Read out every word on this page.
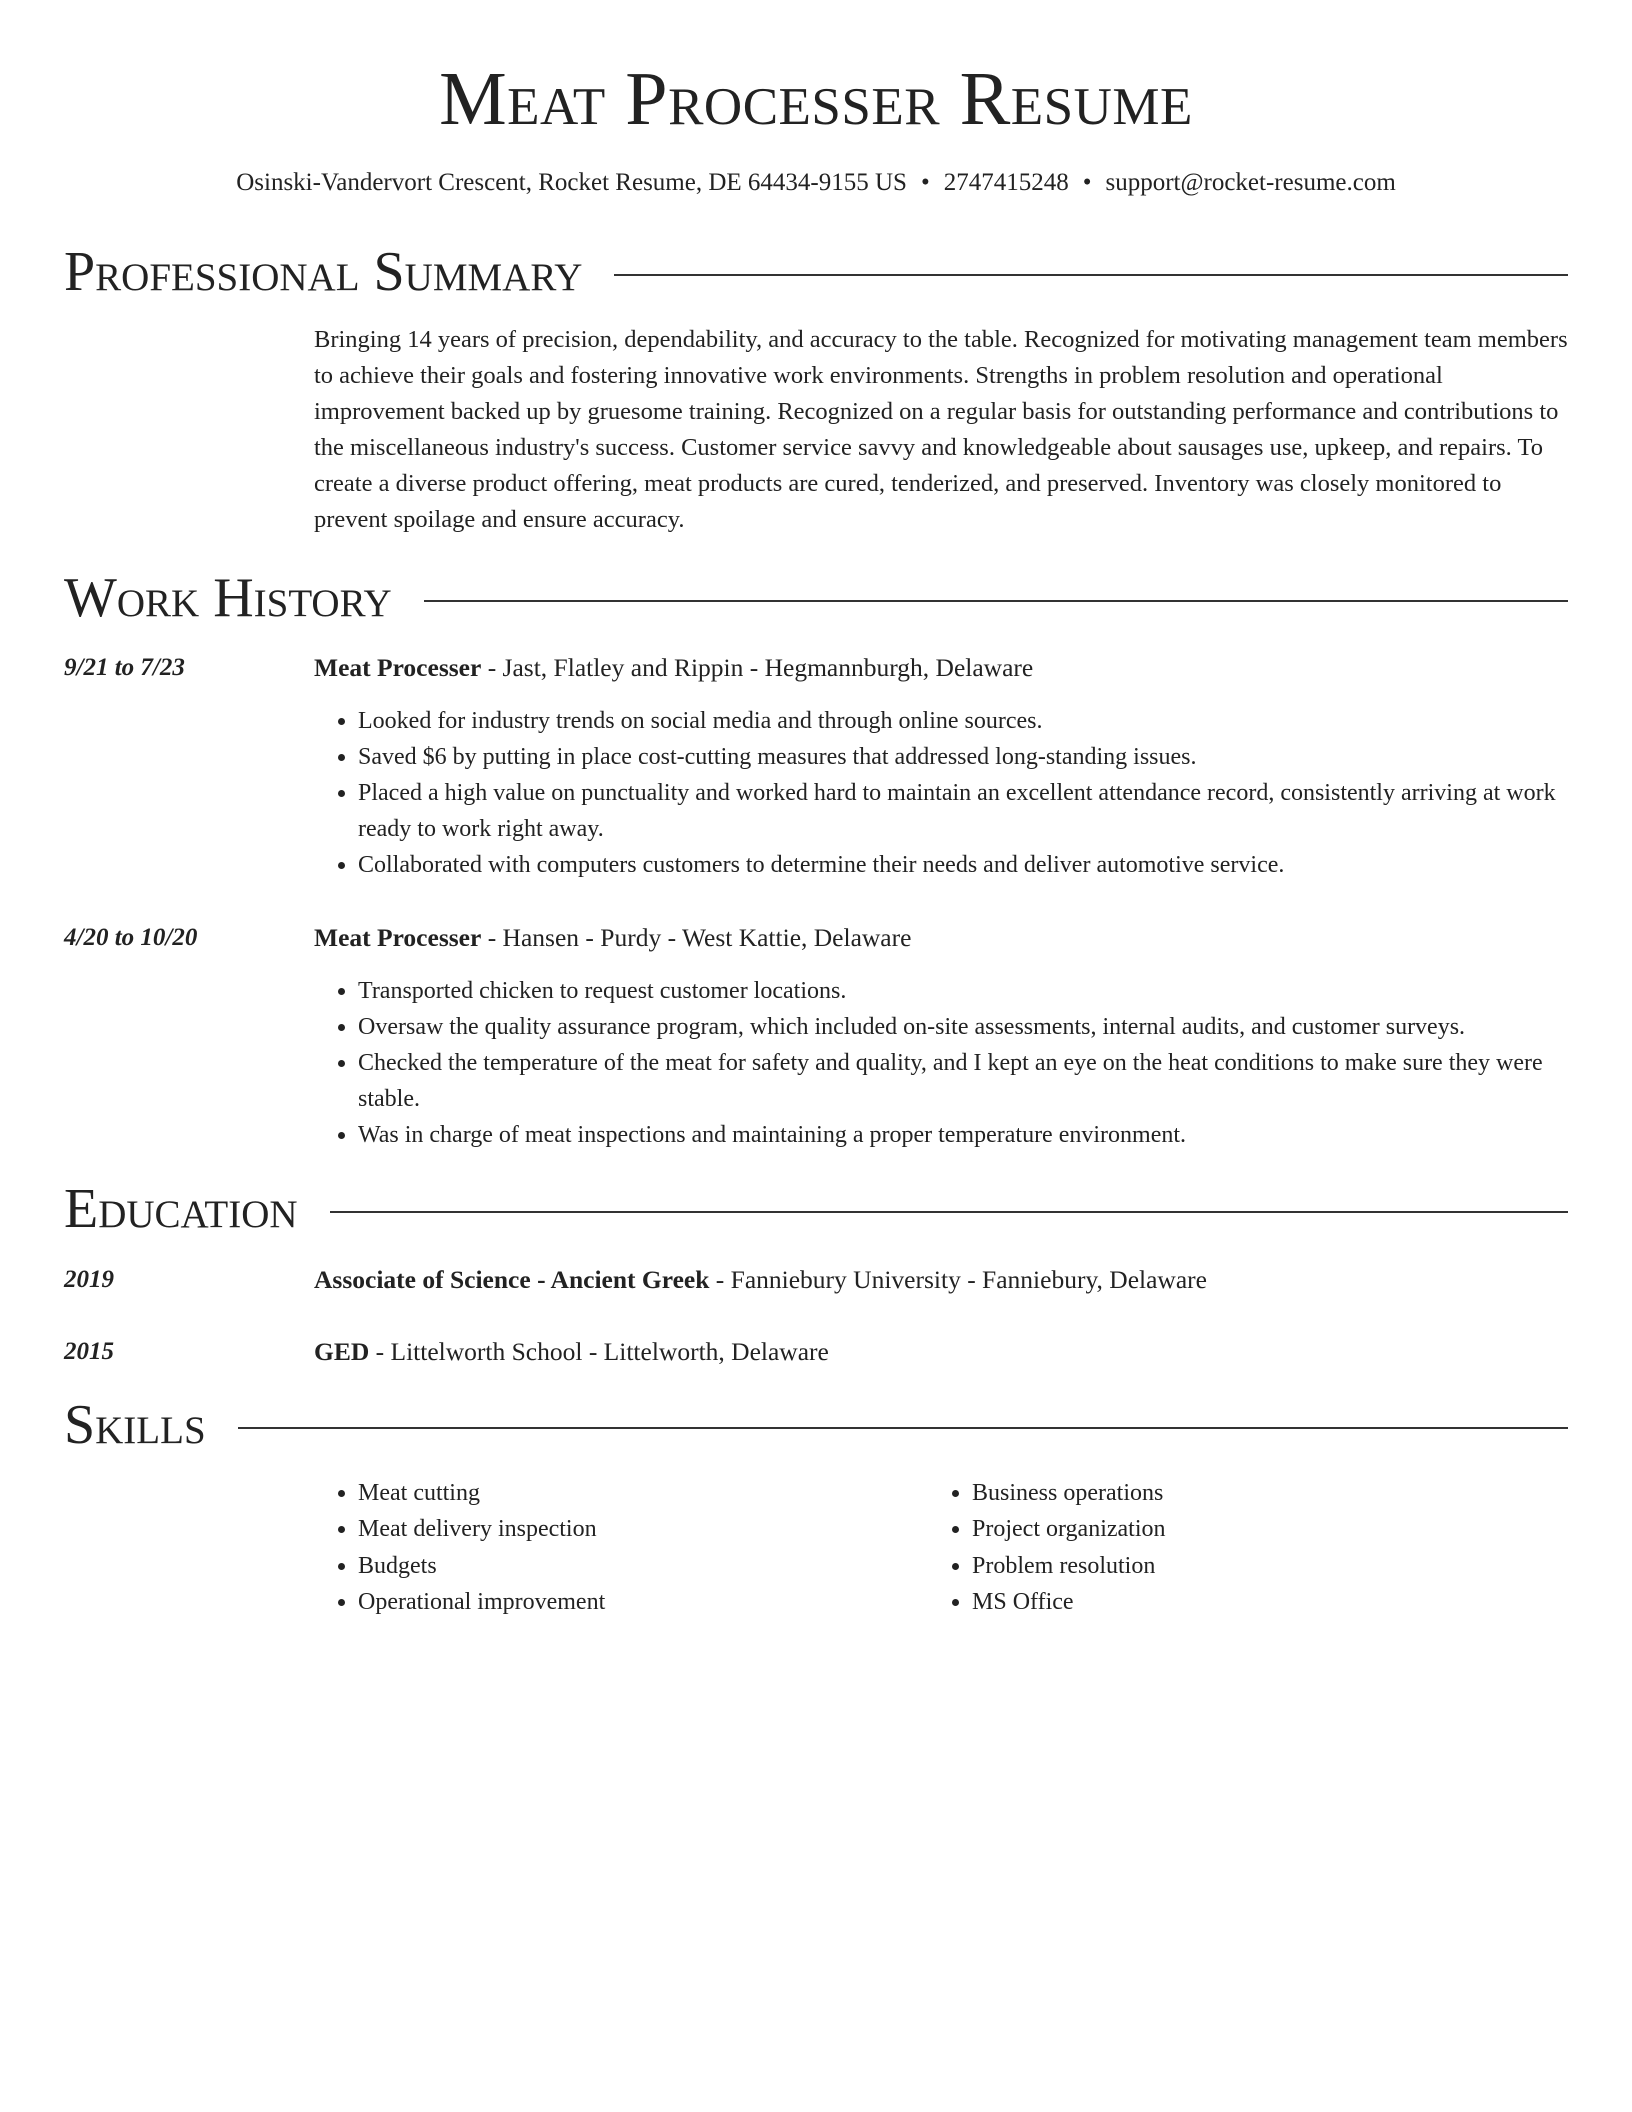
Meat Processer Resume
Osinski-Vandervort Crescent, Rocket Resume, DE 64434-9155 US • 2747415248 • support@rocket-resume.com
Professional Summary
Bringing 14 years of precision, dependability, and accuracy to the table. Recognized for motivating management team members to achieve their goals and fostering innovative work environments. Strengths in problem resolution and operational improvement backed up by gruesome training. Recognized on a regular basis for outstanding performance and contributions to the miscellaneous industry's success. Customer service savvy and knowledgeable about sausages use, upkeep, and repairs. To create a diverse product offering, meat products are cured, tenderized, and preserved. Inventory was closely monitored to prevent spoilage and ensure accuracy.
Work History
9/21 to 7/23	Meat Processer - Jast, Flatley and Rippin - Hegmannburgh, Delaware
• Looked for industry trends on social media and through online sources.
• Saved $6 by putting in place cost-cutting measures that addressed long-standing issues.
• Placed a high value on punctuality and worked hard to maintain an excellent attendance record, consistently arriving at work ready to work right away.
• Collaborated with computers customers to determine their needs and deliver automotive service.
4/20 to 10/20	Meat Processer - Hansen - Purdy - West Kattie, Delaware
• Transported chicken to request customer locations.
• Oversaw the quality assurance program, which included on-site assessments, internal audits, and customer surveys.
• Checked the temperature of the meat for safety and quality, and I kept an eye on the heat conditions to make sure they were stable.
• Was in charge of meat inspections and maintaining a proper temperature environment.
Education
2019	Associate of Science - Ancient Greek - Fanniebury University - Fanniebury, Delaware
2015	GED - Littelworth School - Littelworth, Delaware
Skills
• Meat cutting
• Meat delivery inspection
• Budgets
• Operational improvement
• Business operations
• Project organization
• Problem resolution
• MS Office
